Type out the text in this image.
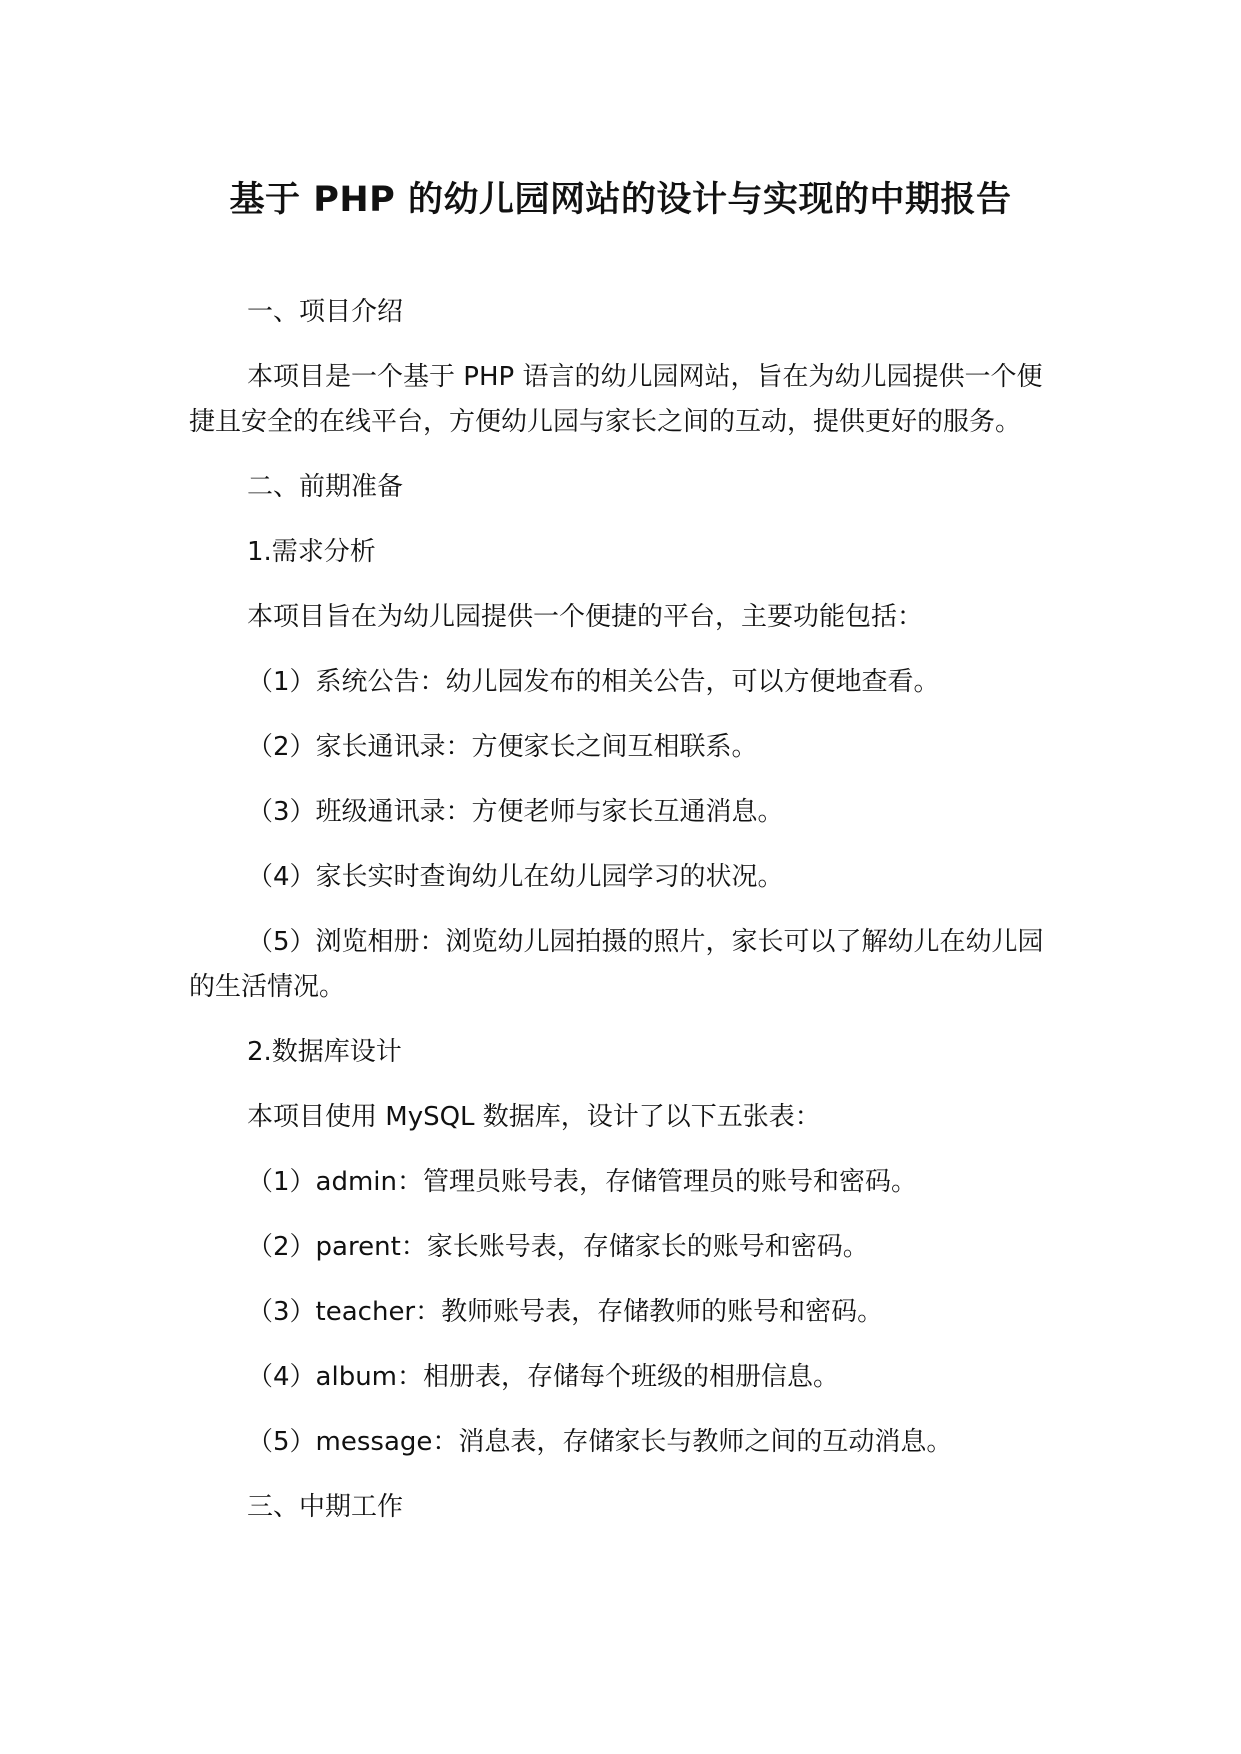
基于 PHP 的幼儿园网站的设计与实现的中期报告

一、项目介绍

本项目是一个基于 PHP 语言的幼儿园网站，旨在为幼儿园提供一个便捷且安全的在线平台，方便幼儿园与家长之间的互动，提供更好的服务。

二、前期准备

1.需求分析

本项目旨在为幼儿园提供一个便捷的平台，主要功能包括：

（1）系统公告：幼儿园发布的相关公告，可以方便地查看。

（2）家长通讯录：方便家长之间互相联系。

（3）班级通讯录：方便老师与家长互通消息。

（4）家长实时查询幼儿在幼儿园学习的状况。

（5）浏览相册：浏览幼儿园拍摄的照片，家长可以了解幼儿在幼儿园的生活情况。

2.数据库设计

本项目使用 MySQL 数据库，设计了以下五张表：

（1）admin：管理员账号表，存储管理员的账号和密码。

（2）parent：家长账号表，存储家长的账号和密码。

（3）teacher：教师账号表，存储教师的账号和密码。

（4）album：相册表，存储每个班级的相册信息。

（5）message：消息表，存储家长与教师之间的互动消息。

三、中期工作
